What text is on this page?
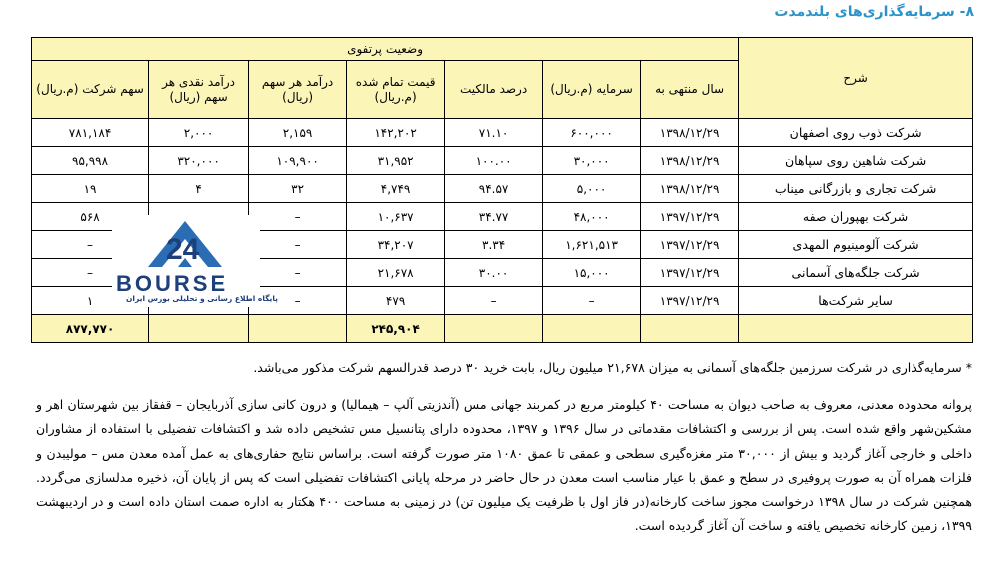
۸- سرمایه‌گذاری‌های بلندمدت
شرح	وضعیت پرتفوی						
	سال منتهی به	سرمایه (م.ریال)	درصد مالکیت	قیمت تمام شده (م.ریال)	درآمد هر سهم (ریال)	درآمد نقدی هر سهم (ریال)	سهم شرکت (م.ریال)
شرکت ذوب روی اصفهان	۱۳۹۸/۱۲/۲۹	۶۰۰,۰۰۰	۷۱.۱۰	۱۴۲,۲۰۲	۲,۱۵۹	۲,۰۰۰	۷۸۱,۱۸۴
شرکت شاهین روی سپاهان	۱۳۹۸/۱۲/۲۹	۳۰,۰۰۰	۱۰۰.۰۰	۳۱,۹۵۲	۱۰۹,۹۰۰	۳۲۰,۰۰۰	۹۵,۹۹۸
شرکت تجاری و بازرگانی میناب	۱۳۹۸/۱۲/۲۹	۵,۰۰۰	۹۴.۵۷	۴,۷۴۹	۳۲	۴	۱۹
شرکت بهپوران صفه	۱۳۹۷/۱۲/۲۹	۴۸,۰۰۰	۳۴.۷۷	۱۰,۶۳۷	–		۵۶۸
شرکت آلومینیوم المهدی	۱۳۹۷/۱۲/۲۹	۱,۶۲۱,۵۱۳	۳.۳۴	۳۴,۲۰۷	–		–
شرکت جلگه‌های آسمانی	۱۳۹۷/۱۲/۲۹	۱۵,۰۰۰	۳۰.۰۰	۲۱,۶۷۸	–		–
سایر شرکت‌ها	۱۳۹۷/۱۲/۲۹	–	–	۴۷۹	–		۱
				۲۴۵,۹۰۴			۸۷۷,۷۷۰
24
BOURSE
پایگاه اطلاع رسانی و تحلیلی بورس ایران
* سرمایه‌گذاری در شرکت سرزمین جلگه‌های آسمانی به میزان ۲۱,۶۷۸ میلیون ریال، بابت خرید ۳۰ درصد قدرالسهم شرکت مذکور می‌باشد.
پروانه محدوده معدنی، معروف به صاحب دیوان به مساحت ۴۰ کیلومتر مربع در کمربند جهانی مس (آندزیتی آلپ – هیمالیا) و درون کانی سازی آذربایجان – قفقاز بین شهرستان اهر و مشکین‌شهر واقع شده است. پس از بررسی و اکتشافات مقدماتی در سال ۱۳۹۶ و ۱۳۹۷، محدوده دارای پتانسیل مس تشخیص داده شد و اکتشافات تفضیلی با استفاده از مشاوران داخلی و خارجی آغاز گردید و بیش از ۳۰,۰۰۰ متر مغزه‌گیری سطحی و عمقی تا عمق ۱۰۸۰ متر صورت گرفته است. براساس نتایج حفاری‌های به عمل آمده معدن مس – مولیبدن و فلزات همراه آن به صورت پروفیری در سطح و عمق با عیار مناسب است معدن در حال حاضر در مرحله پایانی اکتشافات تفضیلی است که پس از پایان آن، ذخیره مدلسازی می‌گردد. همچنین شرکت در سال ۱۳۹۸ درخواست مجوز ساخت کارخانه(در فاز اول با ظرفیت یک میلیون تن) در زمینی به مساحت ۴۰۰ هکتار به اداره صمت استان داده است و در اردیبهشت ۱۳۹۹، زمین کارخانه تخصیص یافته و ساخت آن آغاز گردیده است.
